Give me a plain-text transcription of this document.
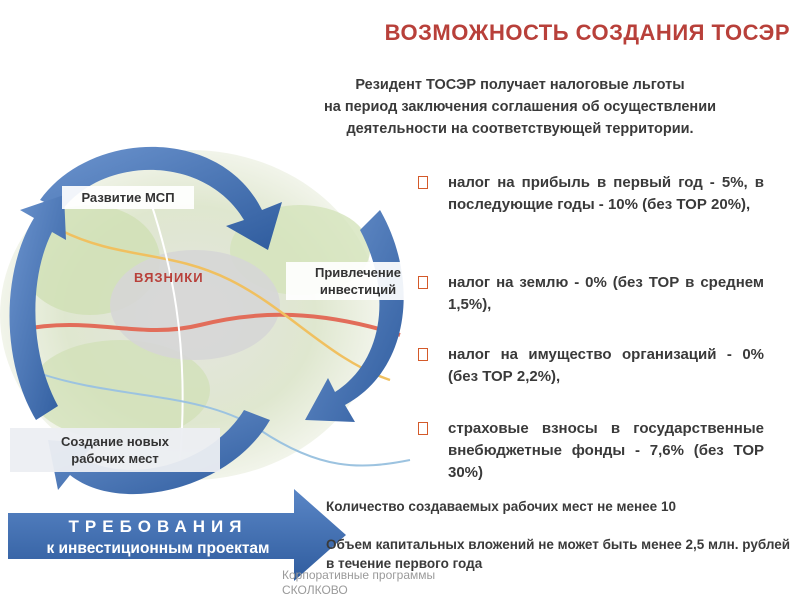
ВОЗМОЖНОСТЬ СОЗДАНИЯ ТОСЭР
Резидент ТОСЭР получает налоговые льготы
на период заключения соглашения об осуществлении
деятельности на соответствующей территории.
Развитие МСП
Привлечение
инвестиций
Создание новых
рабочих мест
ВЯЗНИКИ
налог на прибыль в первый год - 5%, в последующие годы - 10% (без ТОР 20%),
налог на землю - 0% (без ТОР в среднем 1,5%),
налог на имущество организаций - 0% (без ТОР 2,2%),
страховые взносы в государственные внебюджетные фонды - 7,6% (без ТОР 30%)
ТРЕБОВАНИЯ
к инвестиционным проектам
Количество создаваемых рабочих мест не менее 10
Объем капитальных вложений не может быть менее 2,5 млн. рублей в течение первого года
Корпоративные программы
СКОЛКОВО
